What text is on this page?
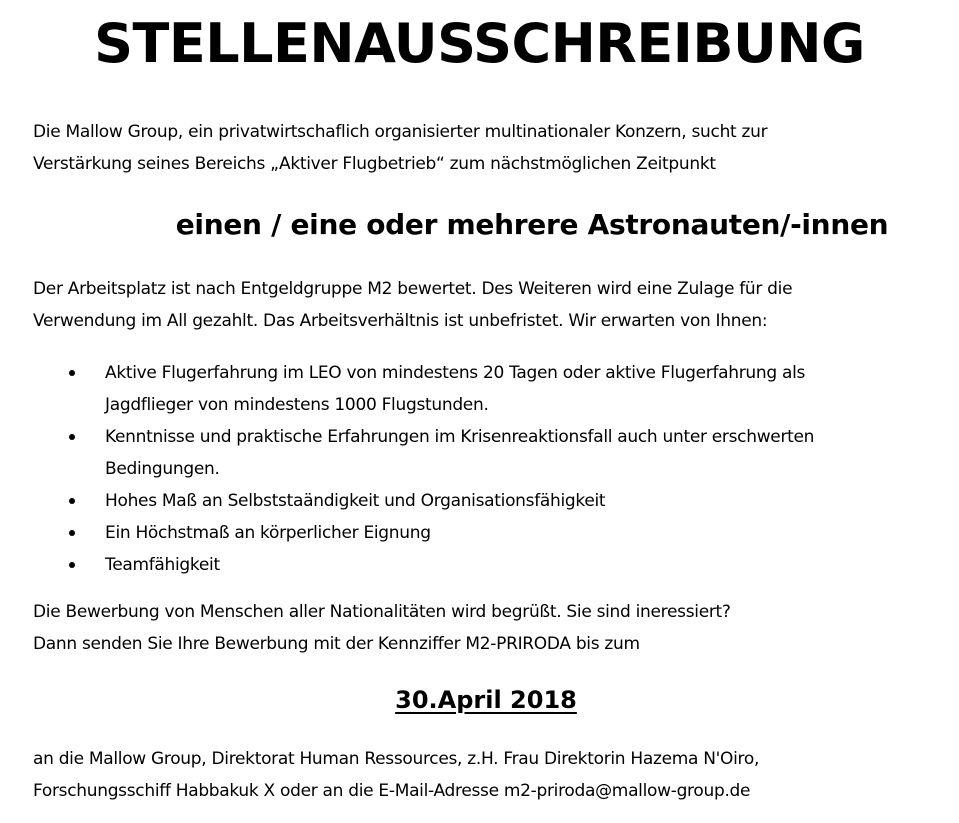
STELLENAUSSCHREIBUNG
Die Mallow Group, ein privatwirtschaflich organisierter multinationaler Konzern, sucht zur
Verstärkung seines Bereichs „Aktiver Flugbetrieb“ zum nächstmöglichen Zeitpunkt
einen / eine oder mehrere Astronauten/-innen
Der Arbeitsplatz ist nach Entgeldgruppe M2 bewertet. Des Weiteren wird eine Zulage für die
Verwendung im All gezahlt. Das Arbeitsverhältnis ist unbefristet. Wir erwarten von Ihnen:
Aktive Flugerfahrung im LEO von mindestens 20 Tagen oder aktive Flugerfahrung als
Jagdflieger von mindestens 1000 Flugstunden.
Kenntnisse und praktische Erfahrungen im Krisenreaktionsfall auch unter erschwerten
Bedingungen.
Hohes Maß an Selbststaändigkeit und Organisationsfähigkeit
Ein Höchstmaß an körperlicher Eignung
Teamfähigkeit
Die Bewerbung von Menschen aller Nationalitäten wird begrüßt. Sie sind ineressiert?
Dann senden Sie Ihre Bewerbung mit der Kennziffer M2-PRIRODA bis zum
30.April 2018
an die Mallow Group, Direktorat Human Ressources, z.H. Frau Direktorin Hazema N'Oiro,
Forschungsschiff Habbakuk X oder an die E-Mail-Adresse m2-priroda@mallow-group.de
